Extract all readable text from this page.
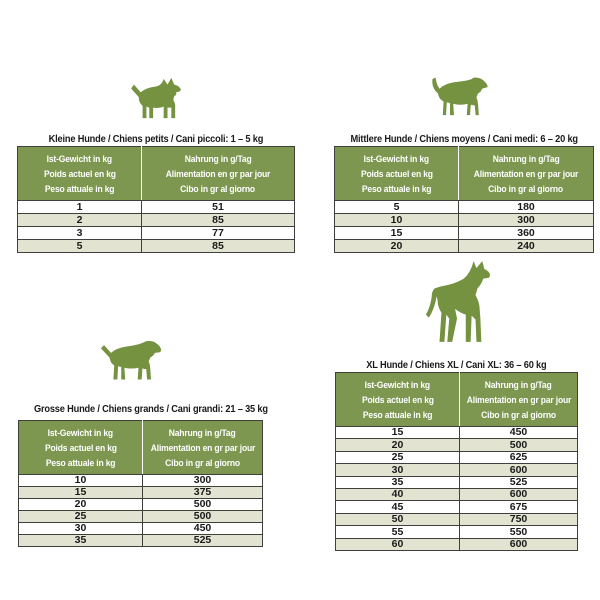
Kleine Hunde / Chiens petits / Cani piccoli: 1 – 5 kg
Ist-Gewicht in kg
Poids actuel en kg
Peso attuale in kg

Nahrung in g/Tag
Alimentation en gr par jour
Cibo in gr al giorno

1	51
2	85
3	77
5	85
Mittlere Hunde / Chiens moyens / Cani medi: 6 – 20 kg
Ist-Gewicht in kg
Poids actuel en kg
Peso attuale in kg

Nahrung in g/Tag
Alimentation en gr par jour
Cibo in gr al giorno

5	180
10	300
15	360
20	240
Grosse Hunde / Chiens grands / Cani grandi: 21 – 35 kg
Ist-Gewicht in kg
Poids actuel en kg
Peso attuale in kg

Nahrung in g/Tag
Alimentation en gr par jour
Cibo in gr al giorno

10	300
15	375
20	500
25	500
30	450
35	525
XL Hunde / Chiens XL / Cani XL: 36 – 60 kg
Ist-Gewicht in kg
Poids actuel en kg
Peso attuale in kg

Nahrung in g/Tag
Alimentation en gr par jour
Cibo in gr al giorno

15	450
20	500
25	625
30	600
35	525
40	600
45	675
50	750
55	550
60	600
